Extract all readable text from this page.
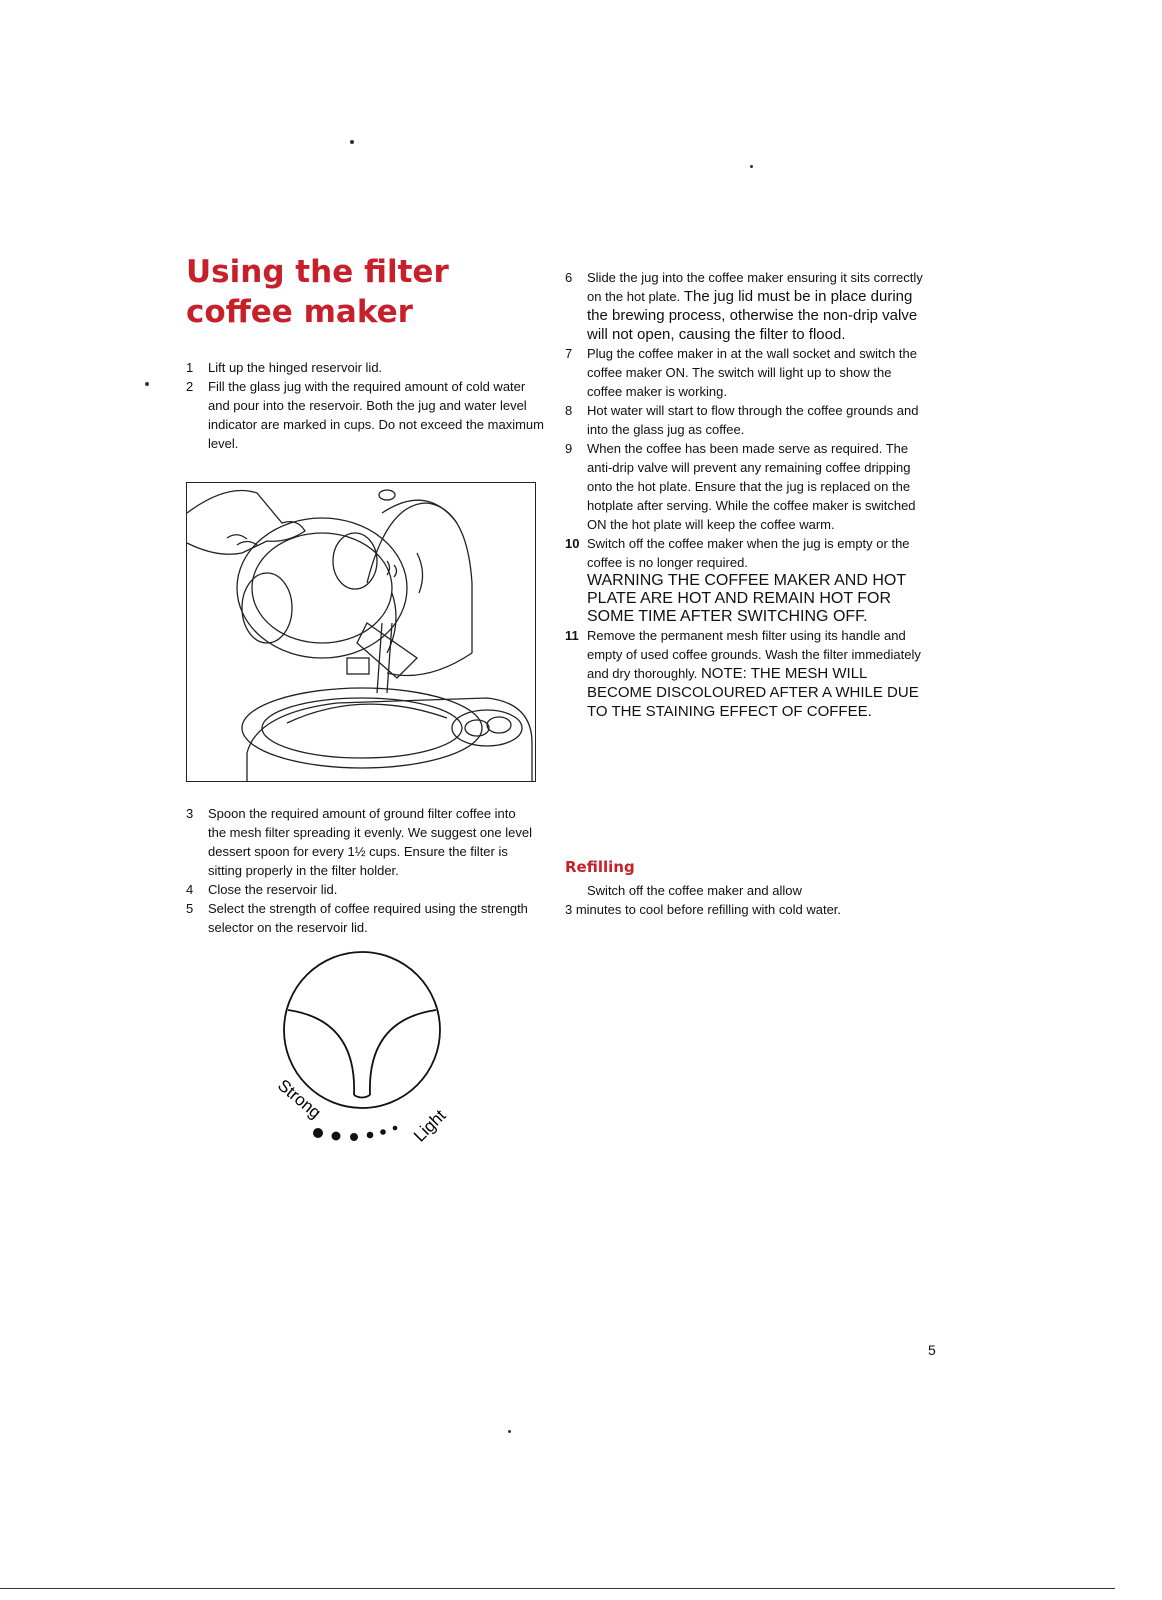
Using the filter coffee maker
1 Lift up the hinged reservoir lid.
2 Fill the glass jug with the required amount of cold water and pour into the reservoir. Both the jug and water level indicator are marked in cups. Do not exceed the maximum level.
3 Spoon the required amount of ground filter coffee into the mesh filter spreading it evenly. We suggest one level dessert spoon for every 1½ cups. Ensure the filter is sitting properly in the filter holder.
4 Close the reservoir lid.
5 Select the strength of coffee required using the strength selector on the reservoir lid.
Strong
Light
6 Slide the jug into the coffee maker ensuring it sits correctly on the hot plate. The jug lid must be in place during the brewing process, otherwise the non-drip valve will not open, causing the filter to flood.
7 Plug the coffee maker in at the wall socket and switch the coffee maker ON. The switch will light up to show the coffee maker is working.
8 Hot water will start to flow through the coffee grounds and into the glass jug as coffee.
9 When the coffee has been made serve as required. The anti-drip valve will prevent any remaining coffee dripping onto the hot plate. Ensure that the jug is replaced on the hotplate after serving. While the coffee maker is switched ON the hot plate will keep the coffee warm.
10 Switch off the coffee maker when the jug is empty or the coffee is no longer required.
WARNING THE COFFEE MAKER AND HOT PLATE ARE HOT AND REMAIN HOT FOR SOME TIME AFTER SWITCHING OFF.
11 Remove the permanent mesh filter using its handle and empty of used coffee grounds. Wash the filter immediately and dry thoroughly. NOTE: THE MESH WILL BECOME DISCOLOURED AFTER A WHILE DUE TO THE STAINING EFFECT OF COFFEE.
Refilling

Switch off the coffee maker and allow
3 minutes to cool before refilling with cold water.

5
